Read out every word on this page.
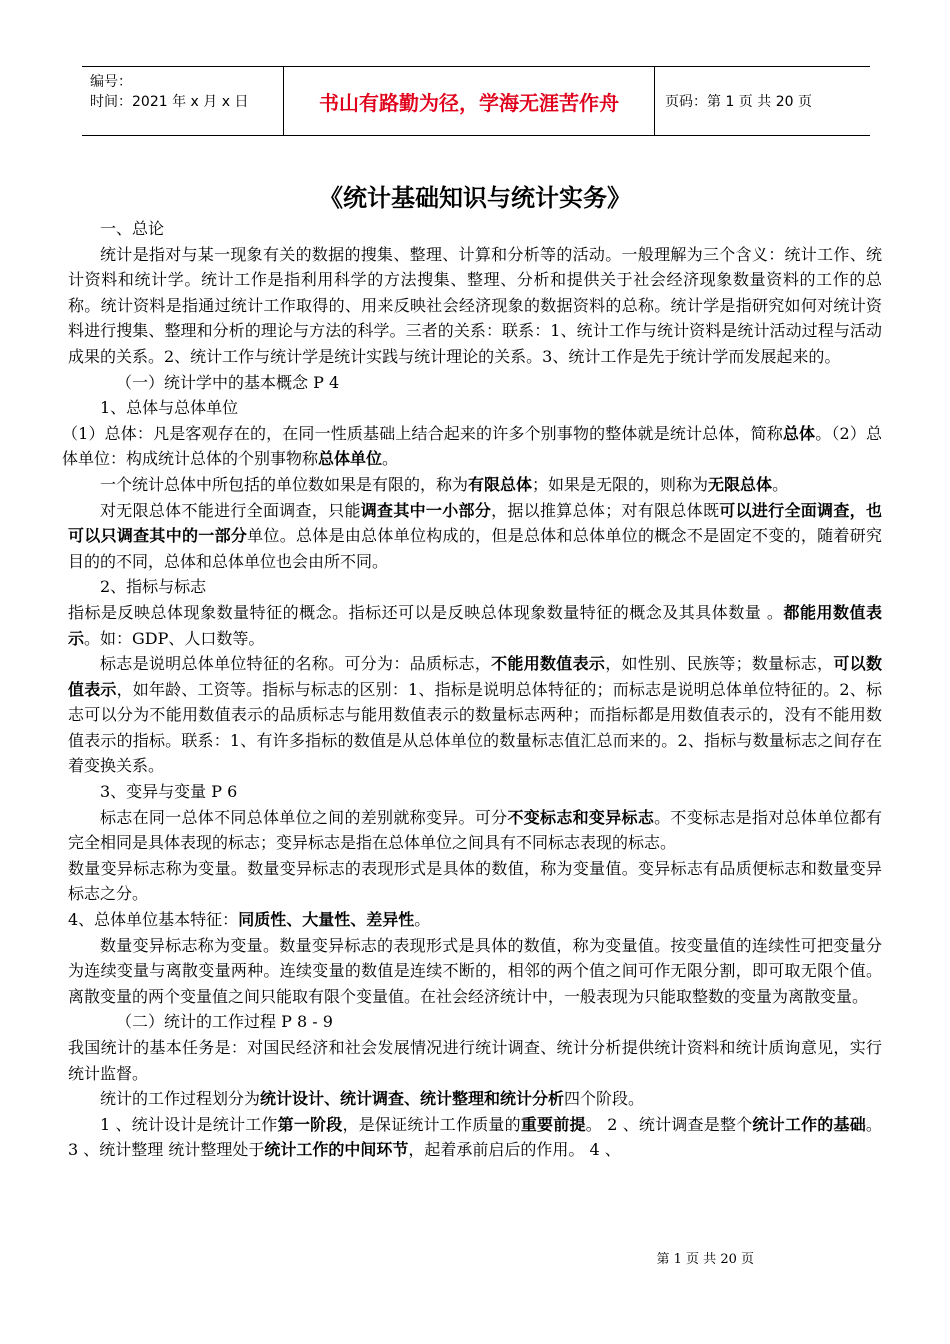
编号：
时间：2021 年 x 月 x 日	书山有路勤为径，学海无涯苦作舟	页码：第 1 页 共 20 页
《统计基础知识与统计实务》

一、总论

统计是指对与某一现象有关的数据的搜集、整理、计算和分析等的活动。一般理解为三个含义：统计工作、统计资料和统计学。统计工作是指利用科学的方法搜集、整理、分析和提供关于社会经济现象数量资料的工作的总称。统计资料是指通过统计工作取得的、用来反映社会经济现象的数据资料的总称。统计学是指研究如何对统计资料进行搜集、整理和分析的理论与方法的科学。三者的关系：联系：1、统计工作与统计资料是统计活动过程与活动成果的关系。2、统计工作与统计学是统计实践与统计理论的关系。3、统计工作是先于统计学而发展起来的。

（一）统计学中的基本概念 P 4

1、总体与总体单位

（1）总体：凡是客观存在的，在同一性质基础上结合起来的许多个别事物的整体就是统计总体，简称总体。（2）总体单位：构成统计总体的个别事物称总体单位。

一个统计总体中所包括的单位数如果是有限的，称为有限总体；如果是无限的，则称为无限总体。

对无限总体不能进行全面调查，只能调查其中一小部分，据以推算总体；对有限总体既可以进行全面调查，也可以只调查其中的一部分单位。总体是由总体单位构成的，但是总体和总体单位的概念不是固定不变的，随着研究目的的不同，总体和总体单位也会由所不同。

2、指标与标志

指标是反映总体现象数量特征的概念。指标还可以是反映总体现象数量特征的概念及其具体数量 。都能用数值表示。如：GDP、人口数等。

标志是说明总体单位特征的名称。可分为：品质标志，不能用数值表示，如性别、民族等；数量标志，可以数值表示，如年龄、工资等。指标与标志的区别：1、指标是说明总体特征的；而标志是说明总体单位特征的。2、标志可以分为不能用数值表示的品质标志与能用数值表示的数量标志两种；而指标都是用数值表示的，没有不能用数值表示的指标。联系：1、有许多指标的数值是从总体单位的数量标志值汇总而来的。2、指标与数量标志之间存在着变换关系。

3、变异与变量 P 6

标志在同一总体不同总体单位之间的差别就称变异。可分不变标志和变异标志。不变标志是指对总体单位都有完全相同是具体表现的标志；变异标志是指在总体单位之间具有不同标志表现的标志。

数量变异标志称为变量。数量变异标志的表现形式是具体的数值，称为变量值。变异标志有品质便标志和数量变异标志之分。

4、总体单位基本特征：同质性、大量性、差异性。

数量变异标志称为变量。数量变异标志的表现形式是具体的数值，称为变量值。按变量值的连续性可把变量分为连续变量与离散变量两种。连续变量的数值是连续不断的，相邻的两个值之间可作无限分割，即可取无限个值。离散变量的两个变量值之间只能取有限个变量值。在社会经济统计中，一般表现为只能取整数的变量为离散变量。

（二）统计的工作过程 P 8 - 9

我国统计的基本任务是：对国民经济和社会发展情况进行统计调查、统计分析提供统计资料和统计质询意见，实行统计监督。

统计的工作过程划分为统计设计、统计调查、统计整理和统计分析四个阶段。

1 、统计设计是统计工作第一阶段，是保证统计工作质量的重要前提。 2 、统计调查是整个统计工作的基础。 3 、统计整理 统计整理处于统计工作的中间环节，起着承前启后的作用。 4 、

第 1 页 共 20 页
